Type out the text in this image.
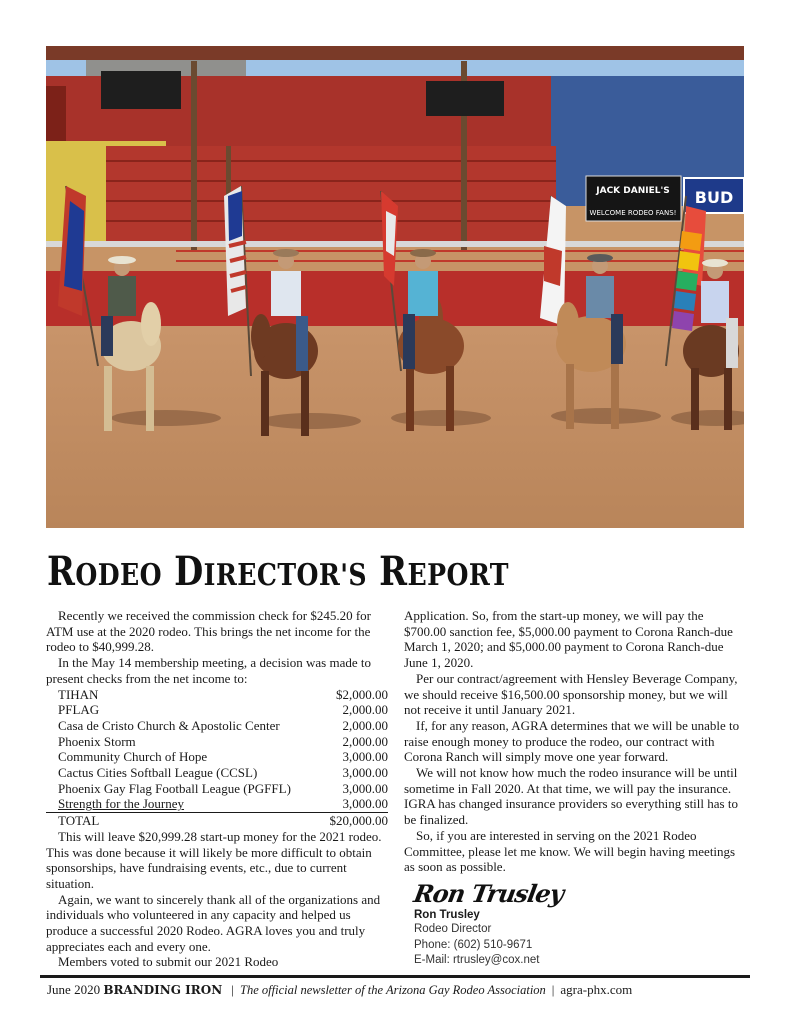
JACK DANIEL'S
WELCOME RODEO FANS!
BUD
RODEO DIRECTOR'S REPORT

Recently we received the commission check for $245.20 for ATM use at the 2020 rodeo. This brings the net income for the rodeo to $40,999.28.

In the May 14 membership meeting, a decision was made to present checks from the net income to:

TIHAN	$2,000.00
PFLAG	2,000.00
Casa de Cristo Church & Apostolic Center	2,000.00
Phoenix Storm	2,000.00
Community Church of Hope	3,000.00
Cactus Cities Softball League (CCSL)	3,000.00
Phoenix Gay Flag Football League (PGFFL)	3,000.00
Strength for the Journey	3,000.00
TOTAL	$20,000.00

This will leave $20,999.28 start-up money for the 2021 rodeo. This was done because it will likely be more difficult to obtain sponsorships, have fundraising events, etc., due to current situation.

Again, we want to sincerely thank all of the organizations and individuals who volunteered in any capacity and helped us produce a successful 2020 Rodeo. AGRA loves you and truly appreciates each and every one.

Members voted to submit our 2021 Rodeo

Application. So, from the start-up money, we will pay the $700.00 sanction fee, $5,000.00 payment to Corona Ranch-due March 1, 2020; and $5,000.00 payment to Corona Ranch-due June 1, 2020.

Per our contract/agreement with Hensley Beverage Company, we should receive $16,500.00 sponsorship money, but we will not receive it until January 2021.

If, for any reason, AGRA determines that we will be unable to raise enough money to produce the rodeo, our contract with Corona Ranch will simply move one year forward.

We will not know how much the rodeo insurance will be until sometime in Fall 2020. At that time, we will pay the insurance. IGRA has changed insurance providers so everything still has to be finalized.

So, if you are interested in serving on the 2021 Rodeo Committee, please let me know. We will begin having meetings as soon as possible.

Ron Trusley
Ron Trusley
Rodeo Director
Phone: (602) 510-9671
E-Mail: rtrusley@cox.net
June 2020 BRANDING IRON | The official newsletter of the Arizona Gay Rodeo Association | agra-phx.com
